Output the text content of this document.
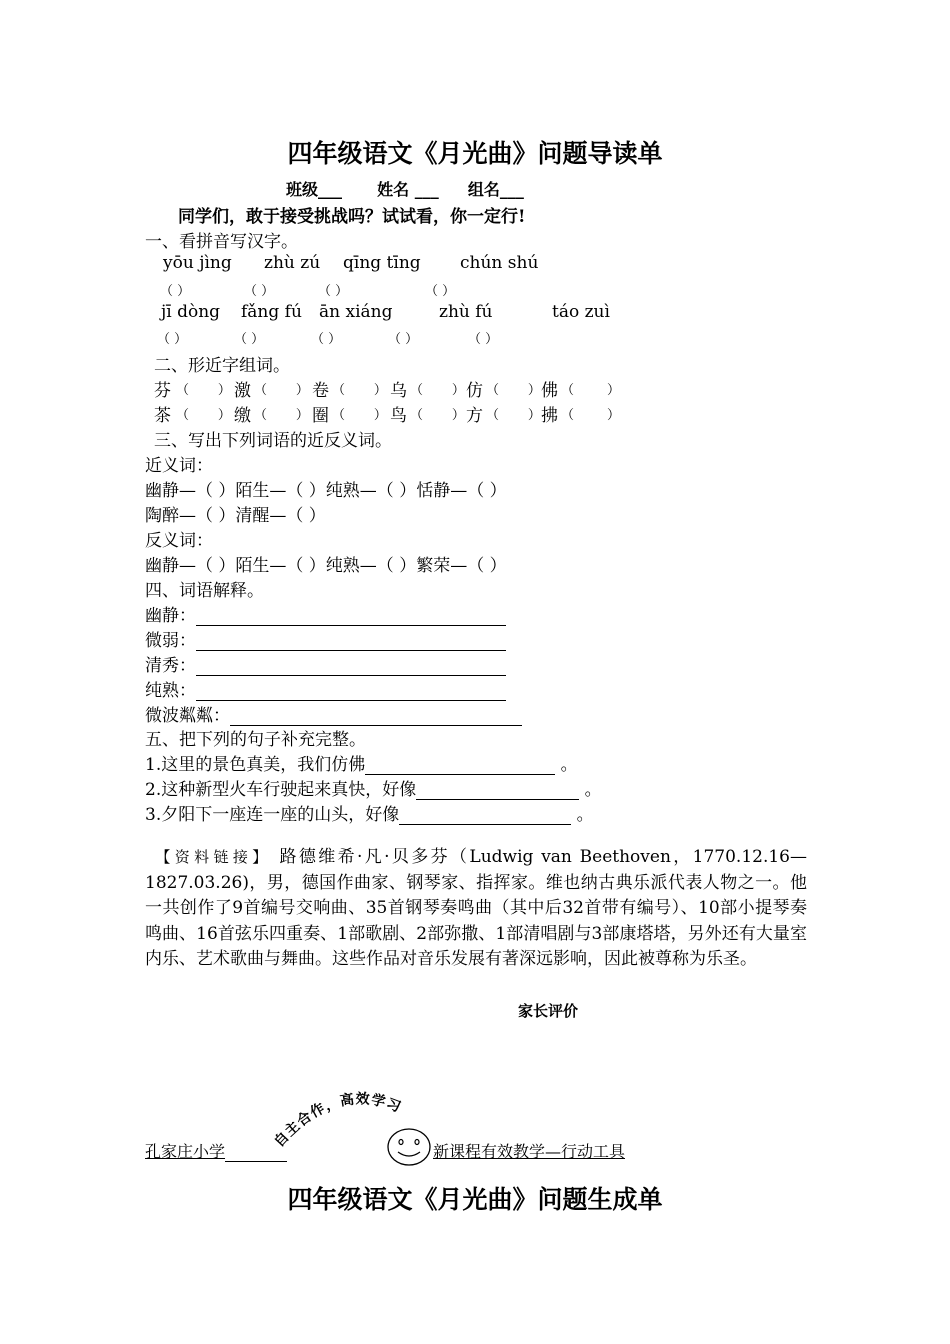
四年级语文《月光曲》问题导读单
班级___ 姓名 ___ 组名___
同学们，敢于接受挑战吗？试试看，你一定行!
一、看拼音写汉字。
yōu jìng zhù zú qīng tīng chún shú
（ ）	（ ）	（ ）	（ ）
jī dòng fǎng fú ān xiáng	zhù fú	táo zuì
（ ）	（ ）	（ ）	（ ）	（ ）
二、形近字组词。
芬 （       ） 激 （       ） 卷 （       ） 乌 （       ） 仿 （       ） 佛 （        ）
茶 （       ） 缴 （       ） 圈 （       ） 鸟 （       ） 方 （       ） 拂 （        ）
三、写出下列词语的近反义词。
近义词：
幽静—（ ）陌生—（ ）纯熟—（ ）恬静—（ ）
陶醉—（ ）清醒—（ ）
反义词：
幽静—（ ）陌生—（ ）纯熟—（ ）繁荣—（ ）
四、词语解释。
幽静：
微弱：
清秀：
纯熟：
微波粼粼：
五、把下列的句子补充完整。
1.这里的景色真美，我们仿佛	。
2.这种新型火车行驶起来真快，好像	。
3.夕阳下一座连一座的山头，好像	。
【资料链接】 路德维希·凡·贝多芬（Ludwig van Beethoven，1770.12.16—1827.03.26)，男，德国作曲家、钢琴家、指挥家。维也纳古典乐派代表人物之一。他一共创作了9首编号交响曲、35首钢琴奏鸣曲（其中后32首带有编号）、10部小提琴奏鸣曲、16首弦乐四重奏、1部歌剧、2部弥撒、1部清唱剧与3部康塔塔，另外还有大量室内乐、艺术歌曲与舞曲。这些作品对音乐发展有著深远影响，因此被尊称为乐圣。
家长评价
孔家庄小学
自主合作，高效学习
新课程有效教学—行动工具
四年级语文《月光曲》问题生成单
